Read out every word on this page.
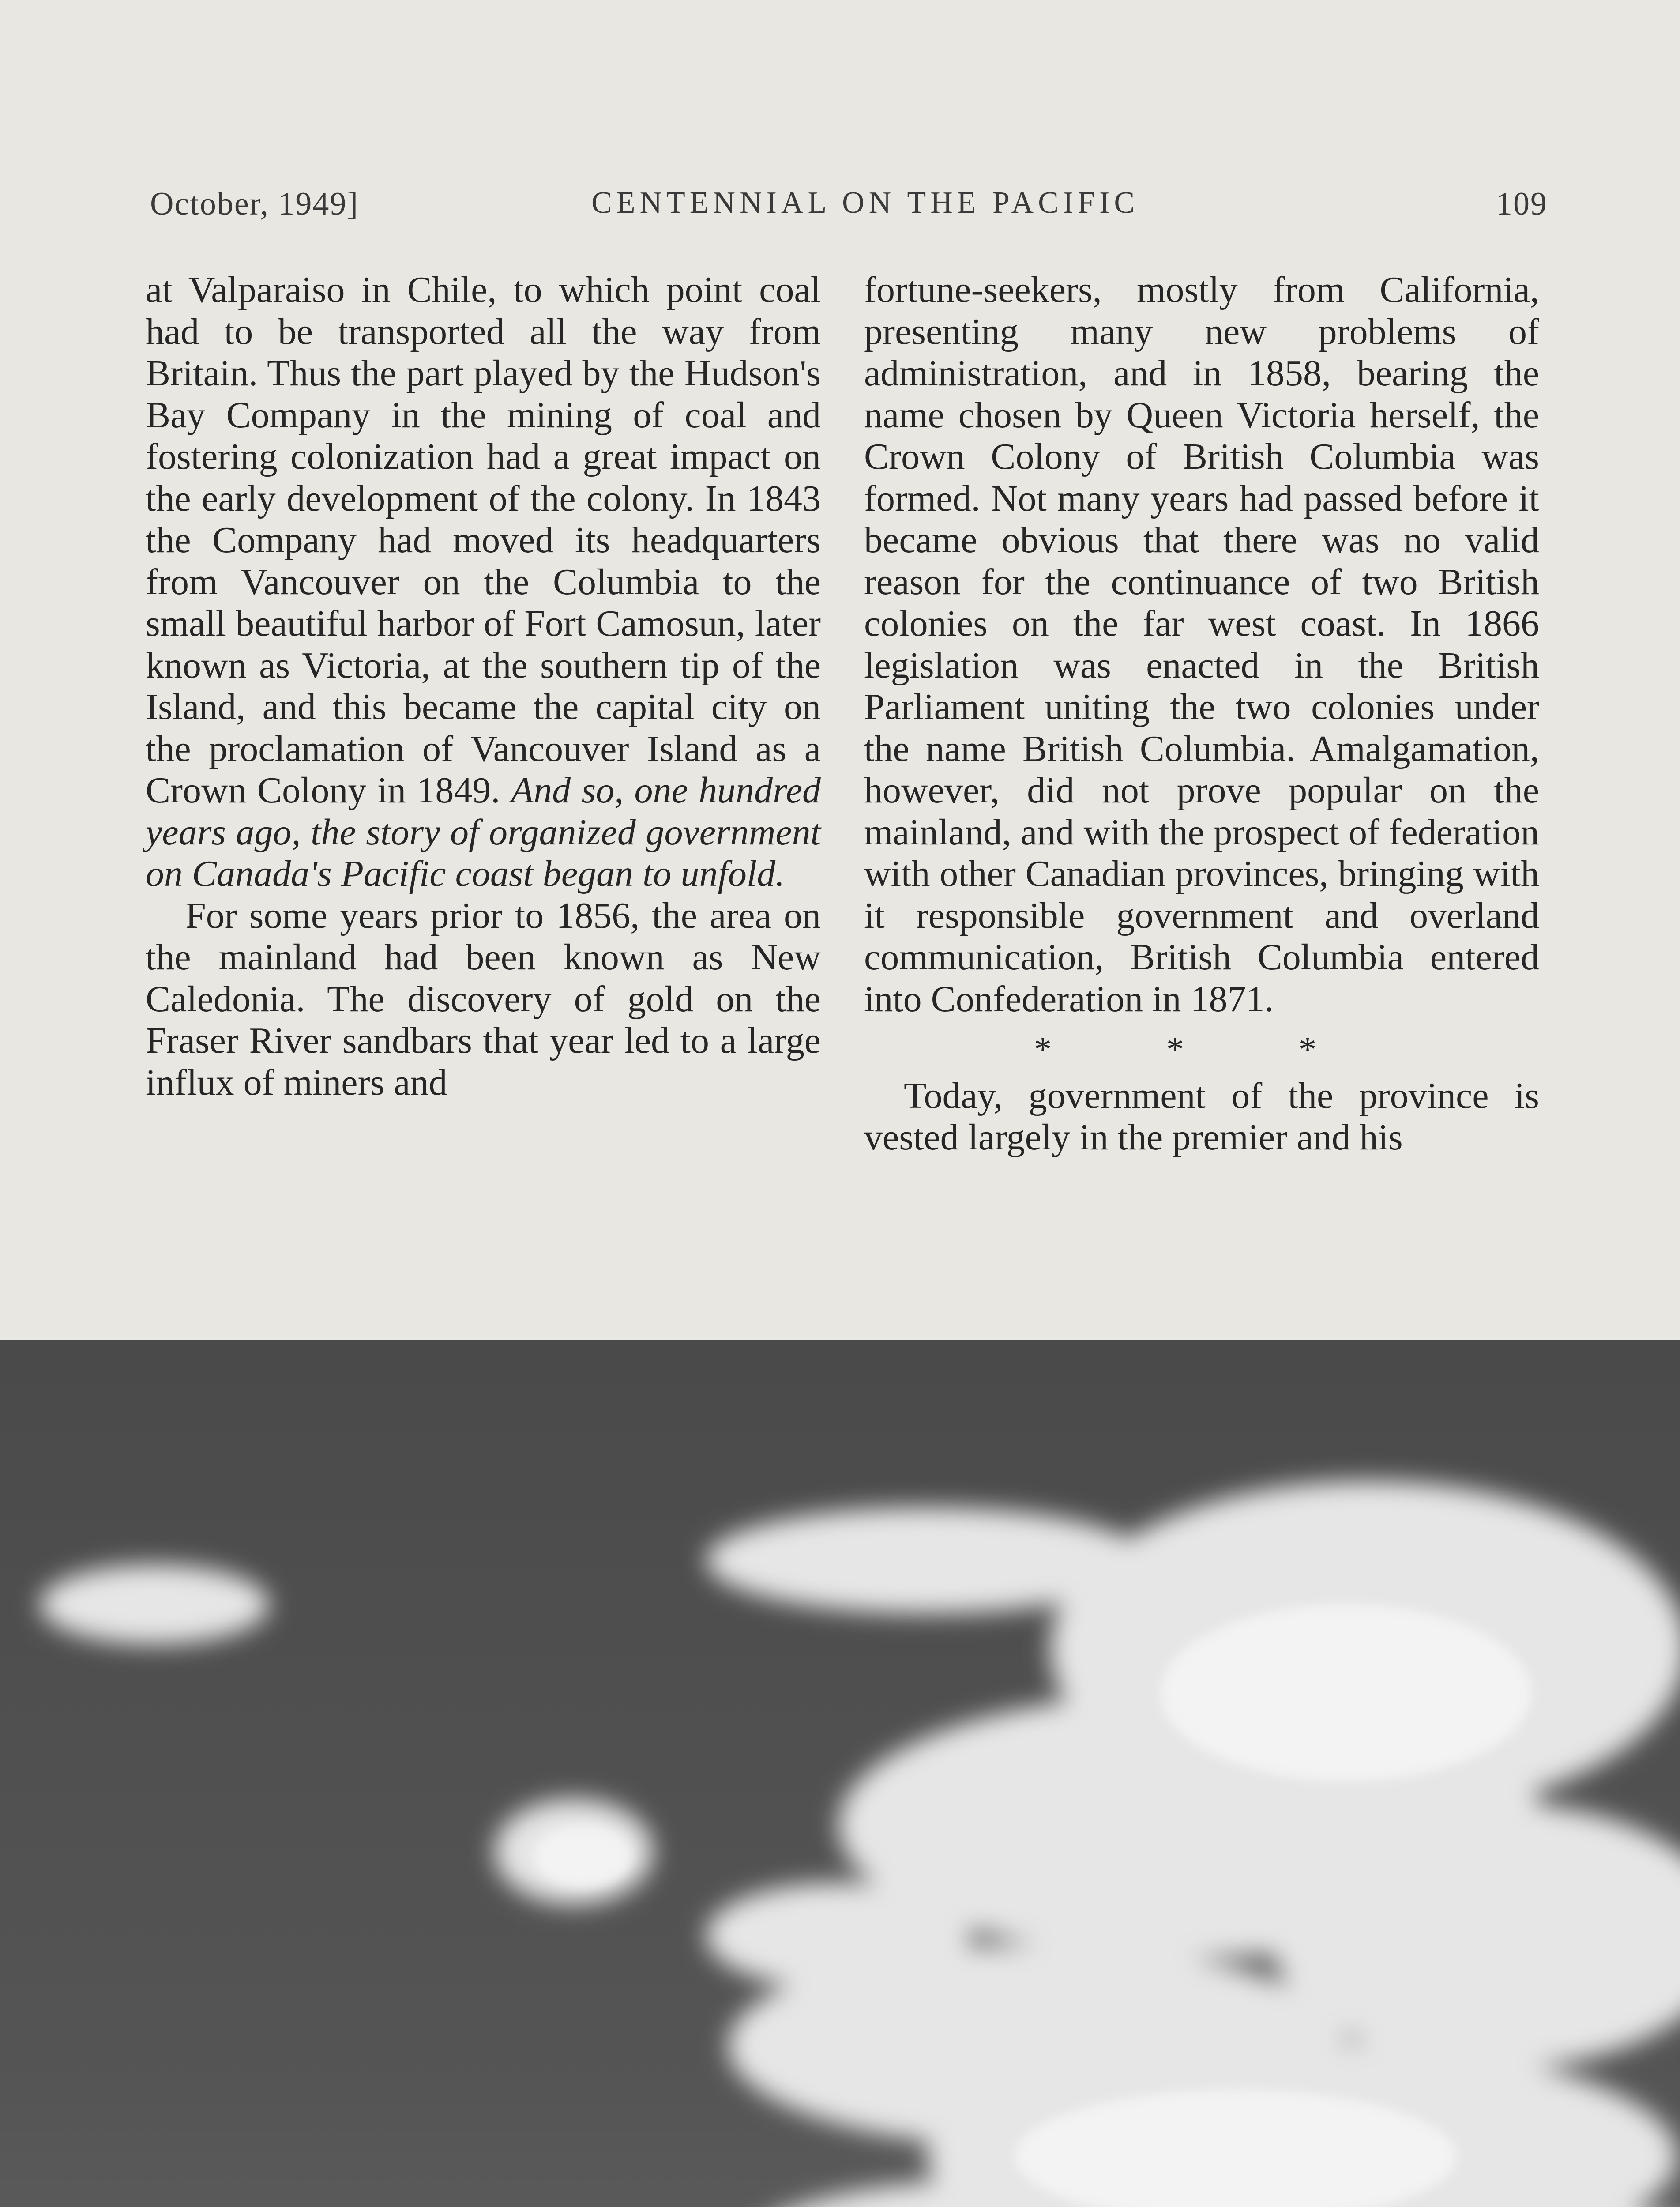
October, 1949]	CENTENNIAL ON THE PACIFIC	109

at Valparaiso in Chile, to which point coal had to be transported all the way from Britain. Thus the part played by the Hudson's Bay Company in the mining of coal and fostering colonization had a great impact on the early development of the colony. In 1843 the Company had moved its headquarters from Vancouver on the Columbia to the small beautiful harbor of Fort Camosun, later known as Victoria, at the southern tip of the Island, and this became the capital city on the proclamation of Vancouver Island as a Crown Colony in 1849. And so, one hundred years ago, the story of organized government on Canada's Pacific coast began to unfold.

For some years prior to 1856, the area on the mainland had been known as New Caledonia. The discovery of gold on the Fraser River sandbars that year led to a large influx of miners and

fortune-seekers, mostly from California, presenting many new problems of administration, and in 1858, bearing the name chosen by Queen Victoria herself, the Crown Colony of British Columbia was formed. Not many years had passed before it became obvious that there was no valid reason for the continuance of two British colonies on the far west coast. In 1866 legislation was enacted in the British Parliament uniting the two colonies under the name British Columbia. Amalgamation, however, did not prove popular on the mainland, and with the prospect of federation with other Canadian provinces, bringing with it responsible government and overland communication, British Columbia entered into Confederation in 1871.

* * *

Today, government of the province is vested largely in the premier and his
